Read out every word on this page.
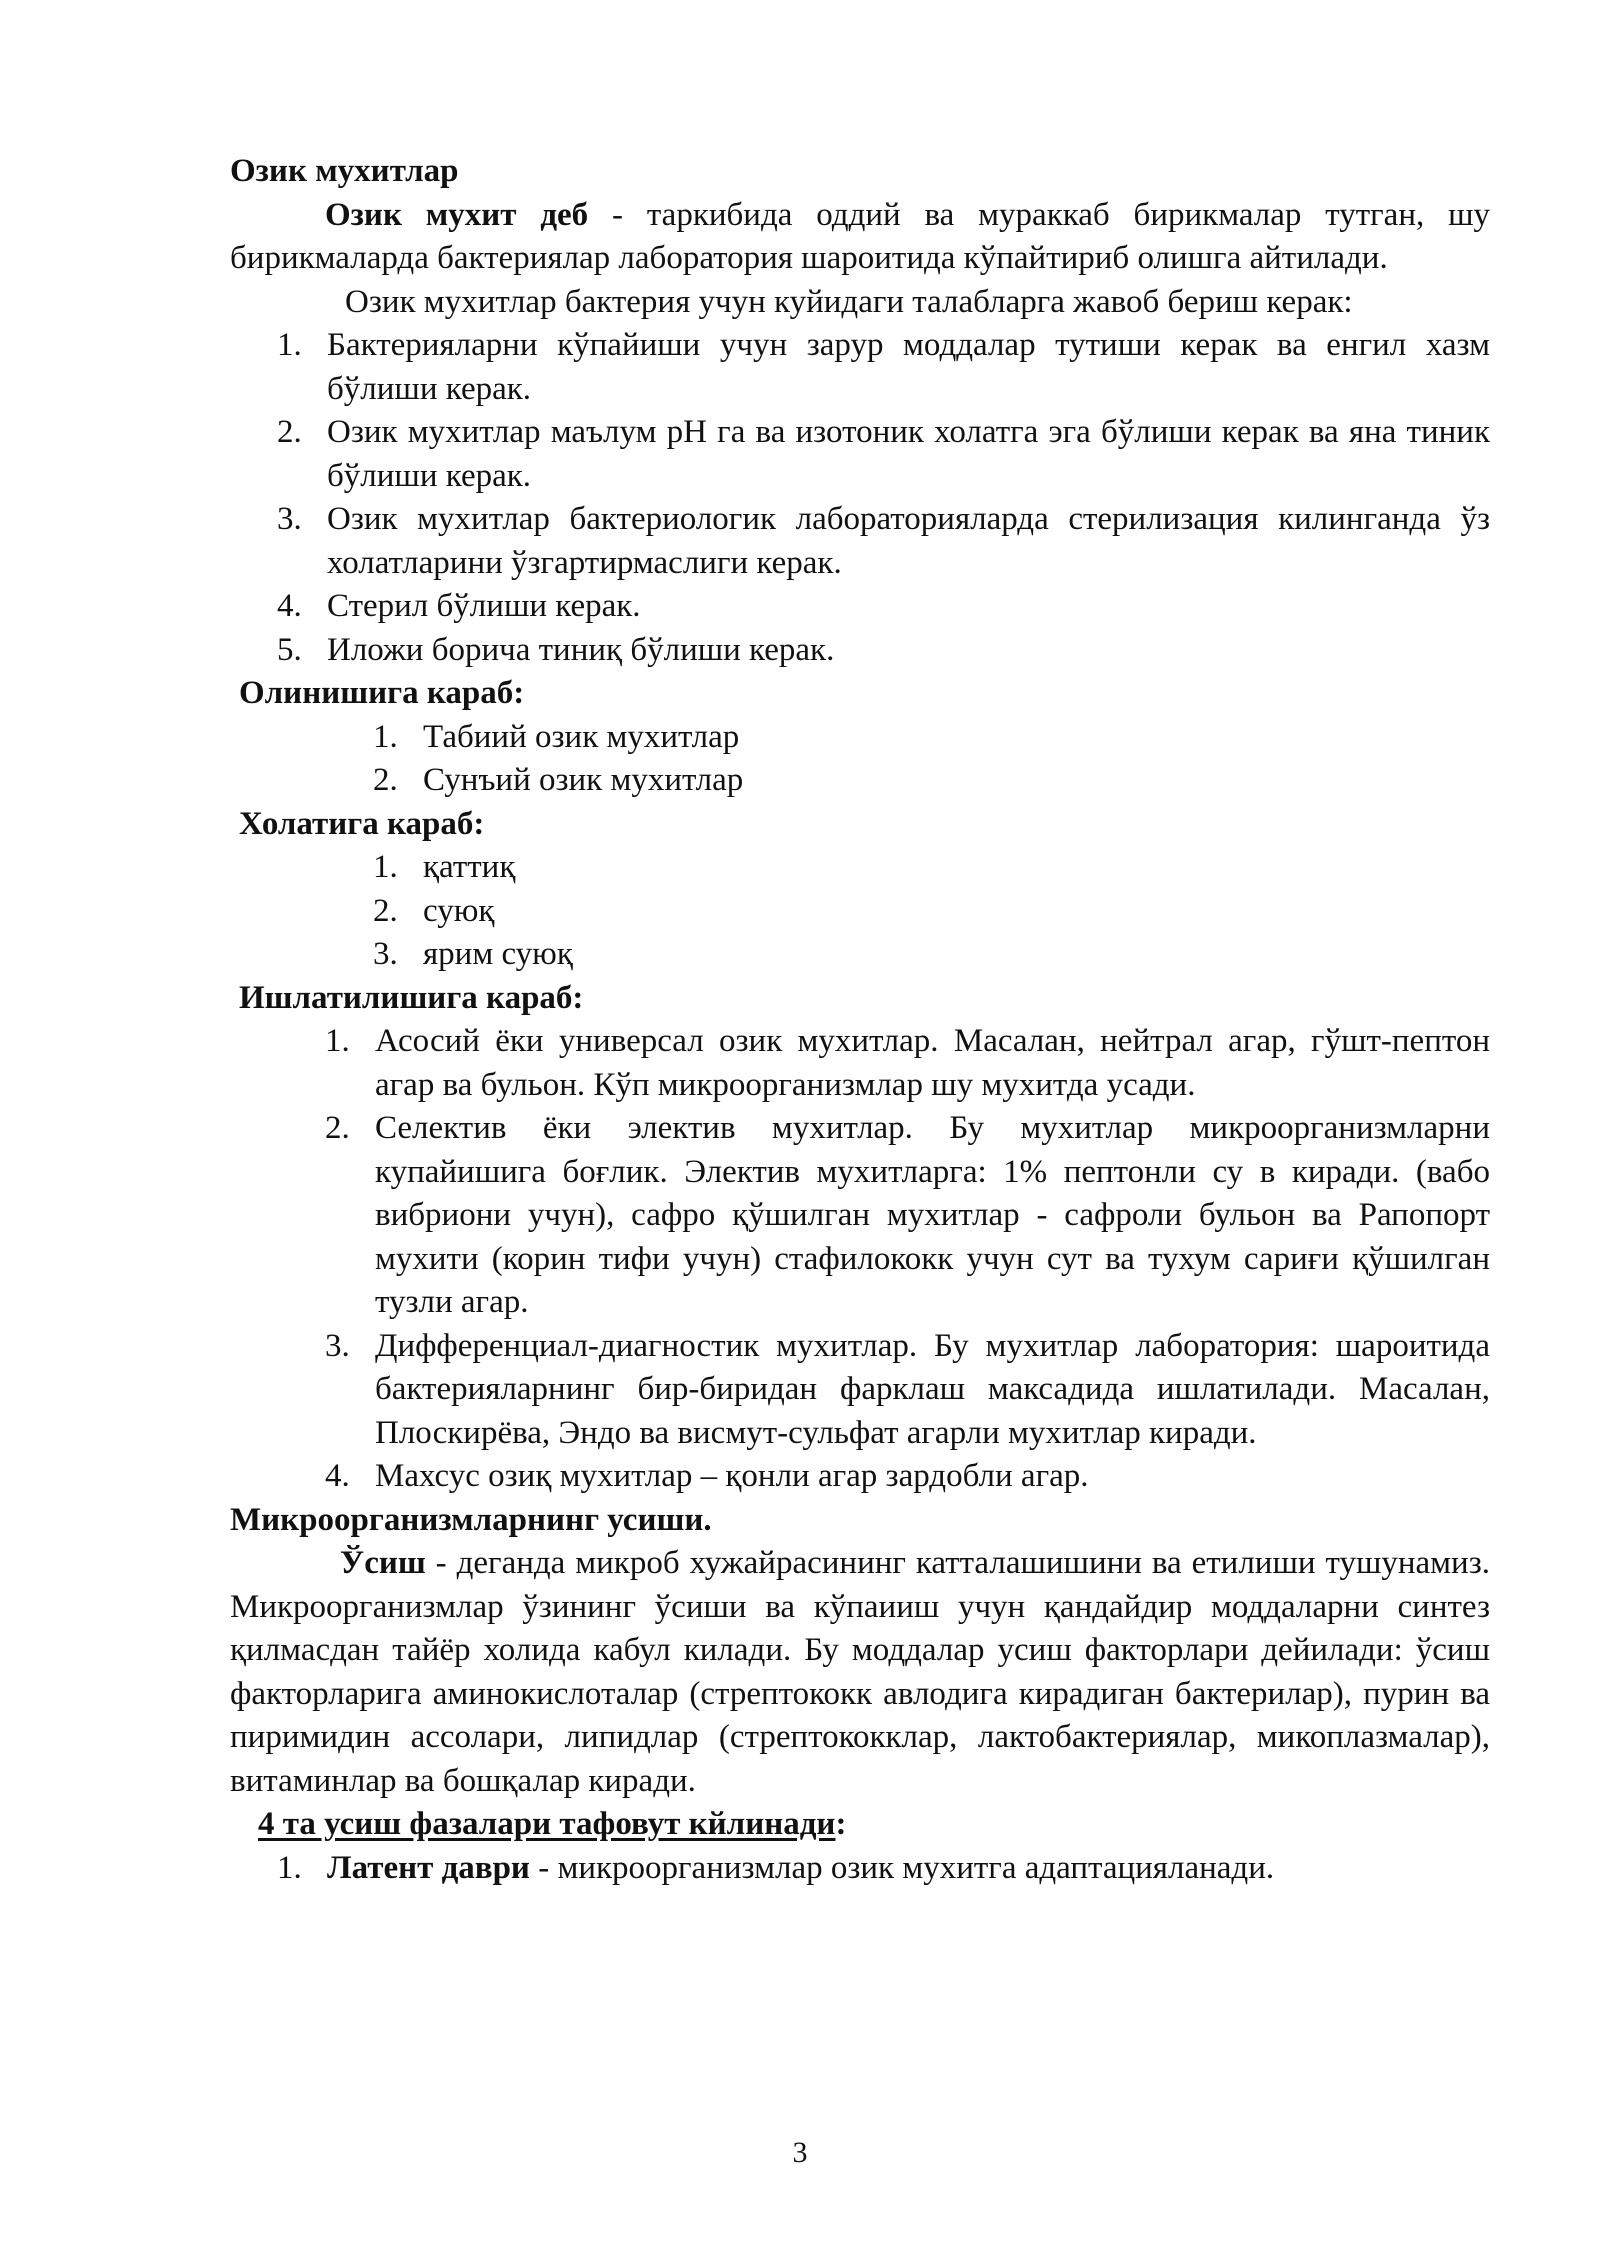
Озик мухитлар

Озик мухит деб - таркибида оддий ва мураккаб бирикмалар тутган, шу бирикмаларда бактериялар лаборатория шароитида кўпайтириб олишга айтилади.

Озик мухитлар бактерия учун куйидаги талабларга жавоб бериш керак:

1. Бактерияларни кўпайиши учун зарур моддалар тутиши керак ва енгил хазм бўлиши керак.
2. Озик мухитлар маълум pH га ва изотоник холатга эга бўлиши керак ва яна тиник бўлиши керак.
3. Озик мухитлар бактериологик лабораторияларда стерилизация килинганда ўз холатларини ўзгартирмаслиги керак.
4. Стерил бўлиши керак.
5. Иложи борича тиниқ бўлиши керак.

Олинишига караб:

1. Табиий озик мухитлар
2. Сунъий озик мухитлар

Холатига караб:

1. қаттиқ
2. суюқ
3. ярим суюқ

Ишлатилишига караб:

1. Асосий ёки универсал озик мухитлар. Масалан, нейтрал агар, гўшт-пептон агар ва бульон. Кўп микроорганизмлар шу мухитда усади.
2. Селектив ёки электив мухитлар. Бу мухитлар микроорганизмларни купайишига боғлик. Электив мухитларга: 1% пептонли су в киради. (вабо вибриони учун), сафро қўшилган мухитлар - сафроли бульон ва Рапопорт мухити (корин тифи учун) стафилококк учун сут ва тухум сариғи қўшилган тузли агар.
3. Дифференциал-диагностик мухитлар. Бу мухитлар лаборатория: шароитида бактерияларнинг бир-биридан фарклаш максадида ишлатилади. Масалан, Плоскирёва, Эндо ва висмут-сульфат агарли мухитлар киради.
4. Махсус озиқ мухитлар – қонли агар зардобли агар.

Микроорганизмларнинг усиши.

Ўсиш - деганда микроб хужайрасининг катталашишини ва етилиши тушунамиз. Микроорганизмлар ўзининг ўсиши ва кўпаииш учун қандайдир моддаларни синтез қилмасдан тайёр холида кабул килади. Бу моддалар усиш факторлари дейилади: ўсиш факторларига аминокислоталар (стрептококк авлодига кирадиган бактерилар), пурин ва пиримидин ассолари, липидлар (стрептококклар, лактобактериялар, микоплазмалар), витаминлар ва бошқалар киради.

4 та усиш фазалари тафовут кйлинади:

1. Латент даври - микроорганизмлар озик мухитга адаптацияланади.
3
